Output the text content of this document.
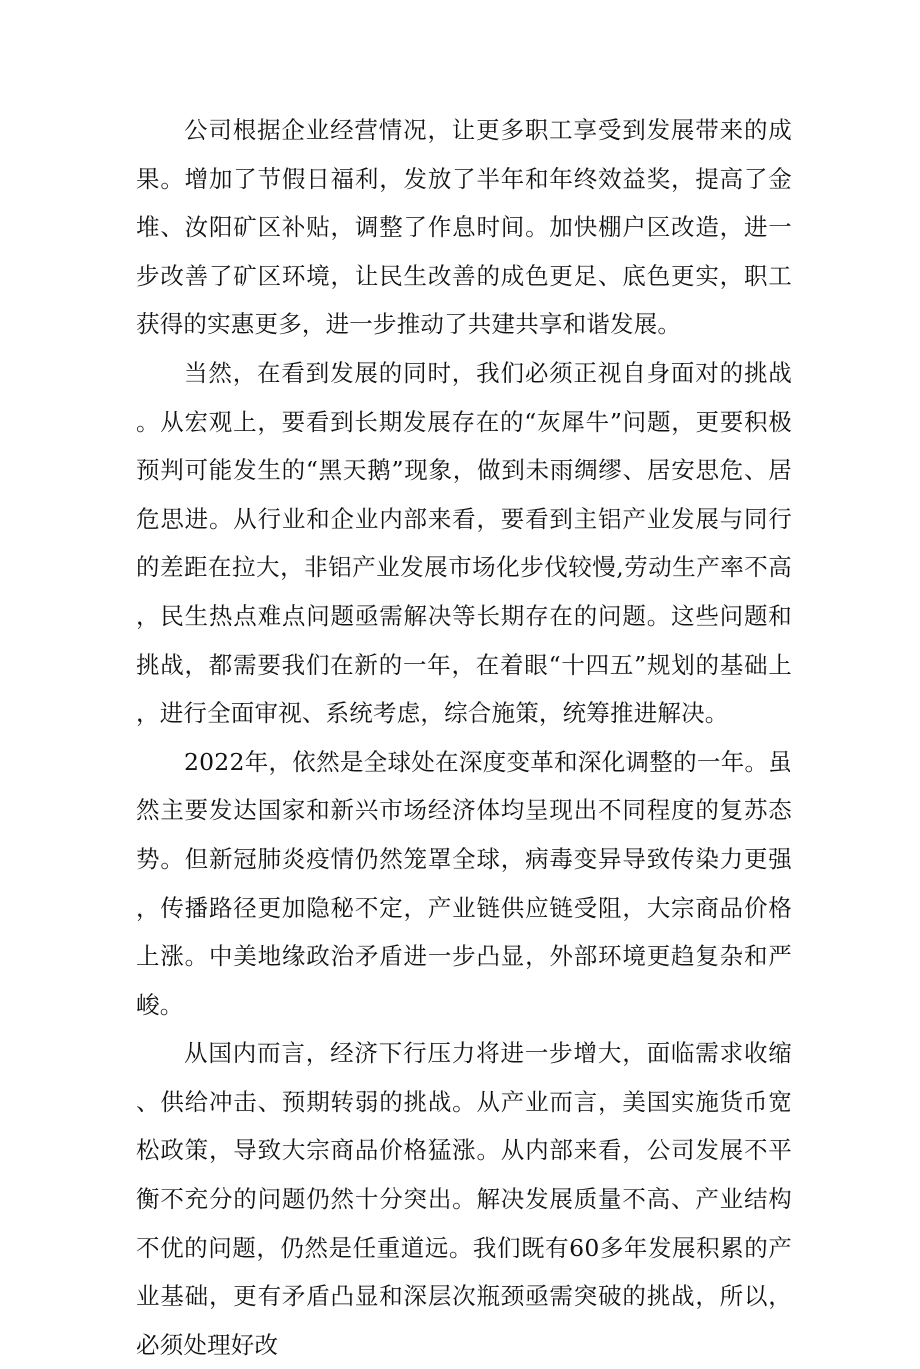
公司根据企业经营情况，让更多职工享受到发展带来的成果。增加了节假日福利，发放了半年和年终效益奖，提高了金堆、汝阳矿区补贴，调整了作息时间。加快棚户区改造，进一步改善了矿区环境，让民生改善的成色更足、底色更实，职工获得的实惠更多，进一步推动了共建共享和谐发展。

当然，在看到发展的同时，我们必须正视自身面对的挑战。从宏观上，要看到长期发展存在的“灰犀牛”问题，更要积极预判可能发生的“黑天鹅”现象，做到未雨绸缪、居安思危、居危思进。从行业和企业内部来看，要看到主铝产业发展与同行的差距在拉大，非铝产业发展市场化步伐较慢,劳动生产率不高，民生热点难点问题亟需解决等长期存在的问题。这些问题和挑战，都需要我们在新的一年，在着眼“十四五”规划的基础上，进行全面审视、系统考虑，综合施策，统筹推进解决。

2022年，依然是全球处在深度变革和深化调整的一年。虽然主要发达国家和新兴市场经济体均呈现出不同程度的复苏态势。但新冠肺炎疫情仍然笼罩全球，病毒变异导致传染力更强，传播路径更加隐秘不定，产业链供应链受阻，大宗商品价格上涨。中美地缘政治矛盾进一步凸显，外部环境更趋复杂和严峻。

从国内而言，经济下行压力将进一步增大，面临需求收缩、供给冲击、预期转弱的挑战。从产业而言，美国实施货币宽松政策，导致大宗商品价格猛涨。从内部来看，公司发展不平衡不充分的问题仍然十分突出。解决发展质量不高、产业结构不优的问题，仍然是任重道远。我们既有60多年发展积累的产业基础，更有矛盾凸显和深层次瓶颈亟需突破的挑战，所以，必须处理好改
